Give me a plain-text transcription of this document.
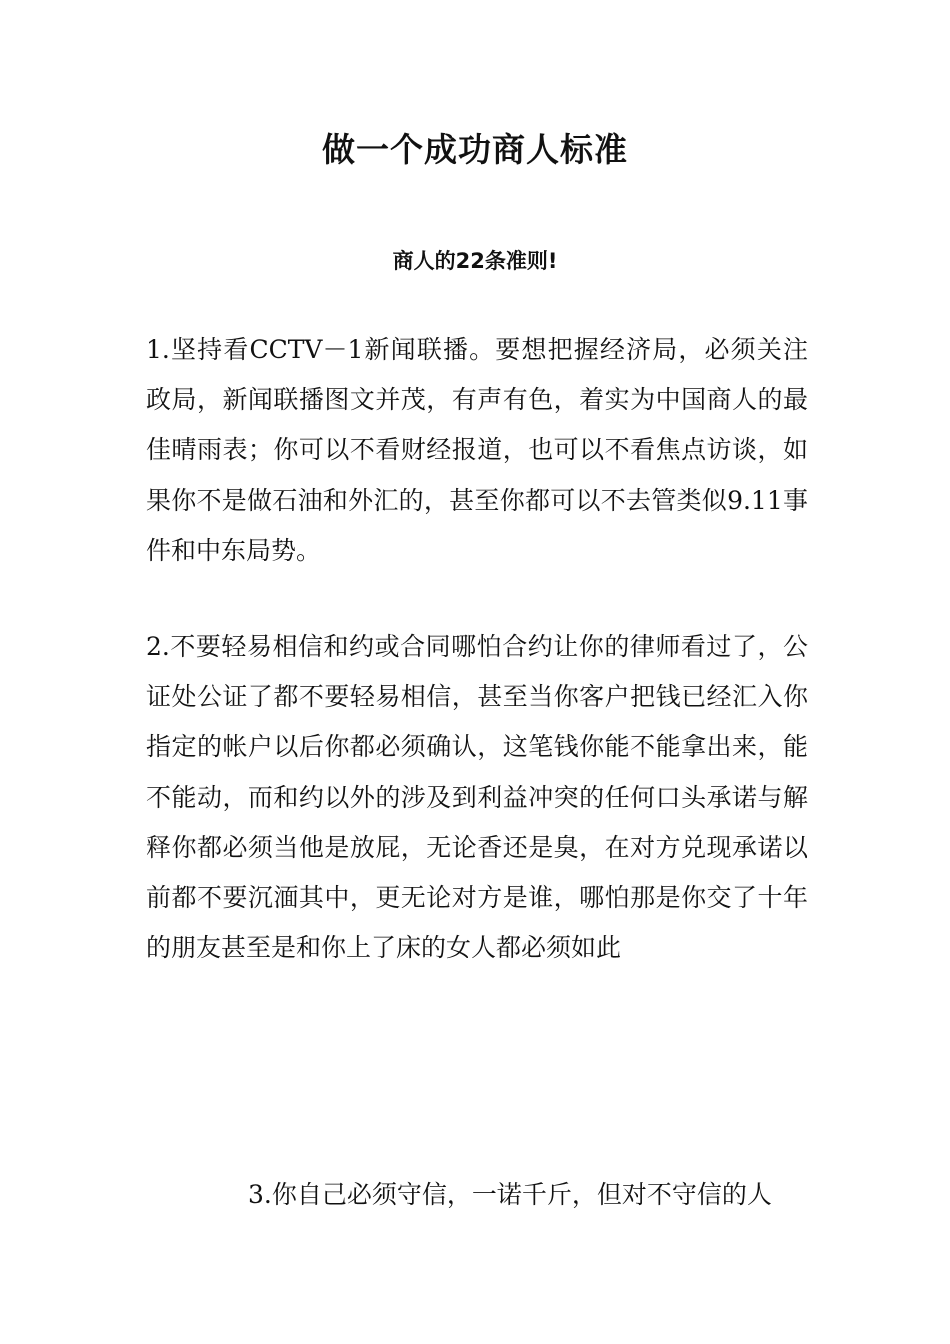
做一个成功商人标准
商人的22条准则!

1.坚持看CCTV－1新闻联播。要想把握经济局，必须关注政局，新闻联播图文并茂，有声有色，着实为中国商人的最佳晴雨表；你可以不看财经报道，也可以不看焦点访谈，如果你不是做石油和外汇的，甚至你都可以不去管类似9.11事件和中东局势。

2.不要轻易相信和约或合同哪怕合约让你的律师看过了，公证处公证了都不要轻易相信，甚至当你客户把钱已经汇入你指定的帐户以后你都必须确认，这笔钱你能不能拿出来，能不能动，而和约以外的涉及到利益冲突的任何口头承诺与解释你都必须当他是放屁，无论香还是臭，在对方兑现承诺以前都不要沉湎其中，更无论对方是谁，哪怕那是你交了十年的朋友甚至是和你上了床的女人都必须如此

3.你自己必须守信，一诺千斤，但对不守信的人
